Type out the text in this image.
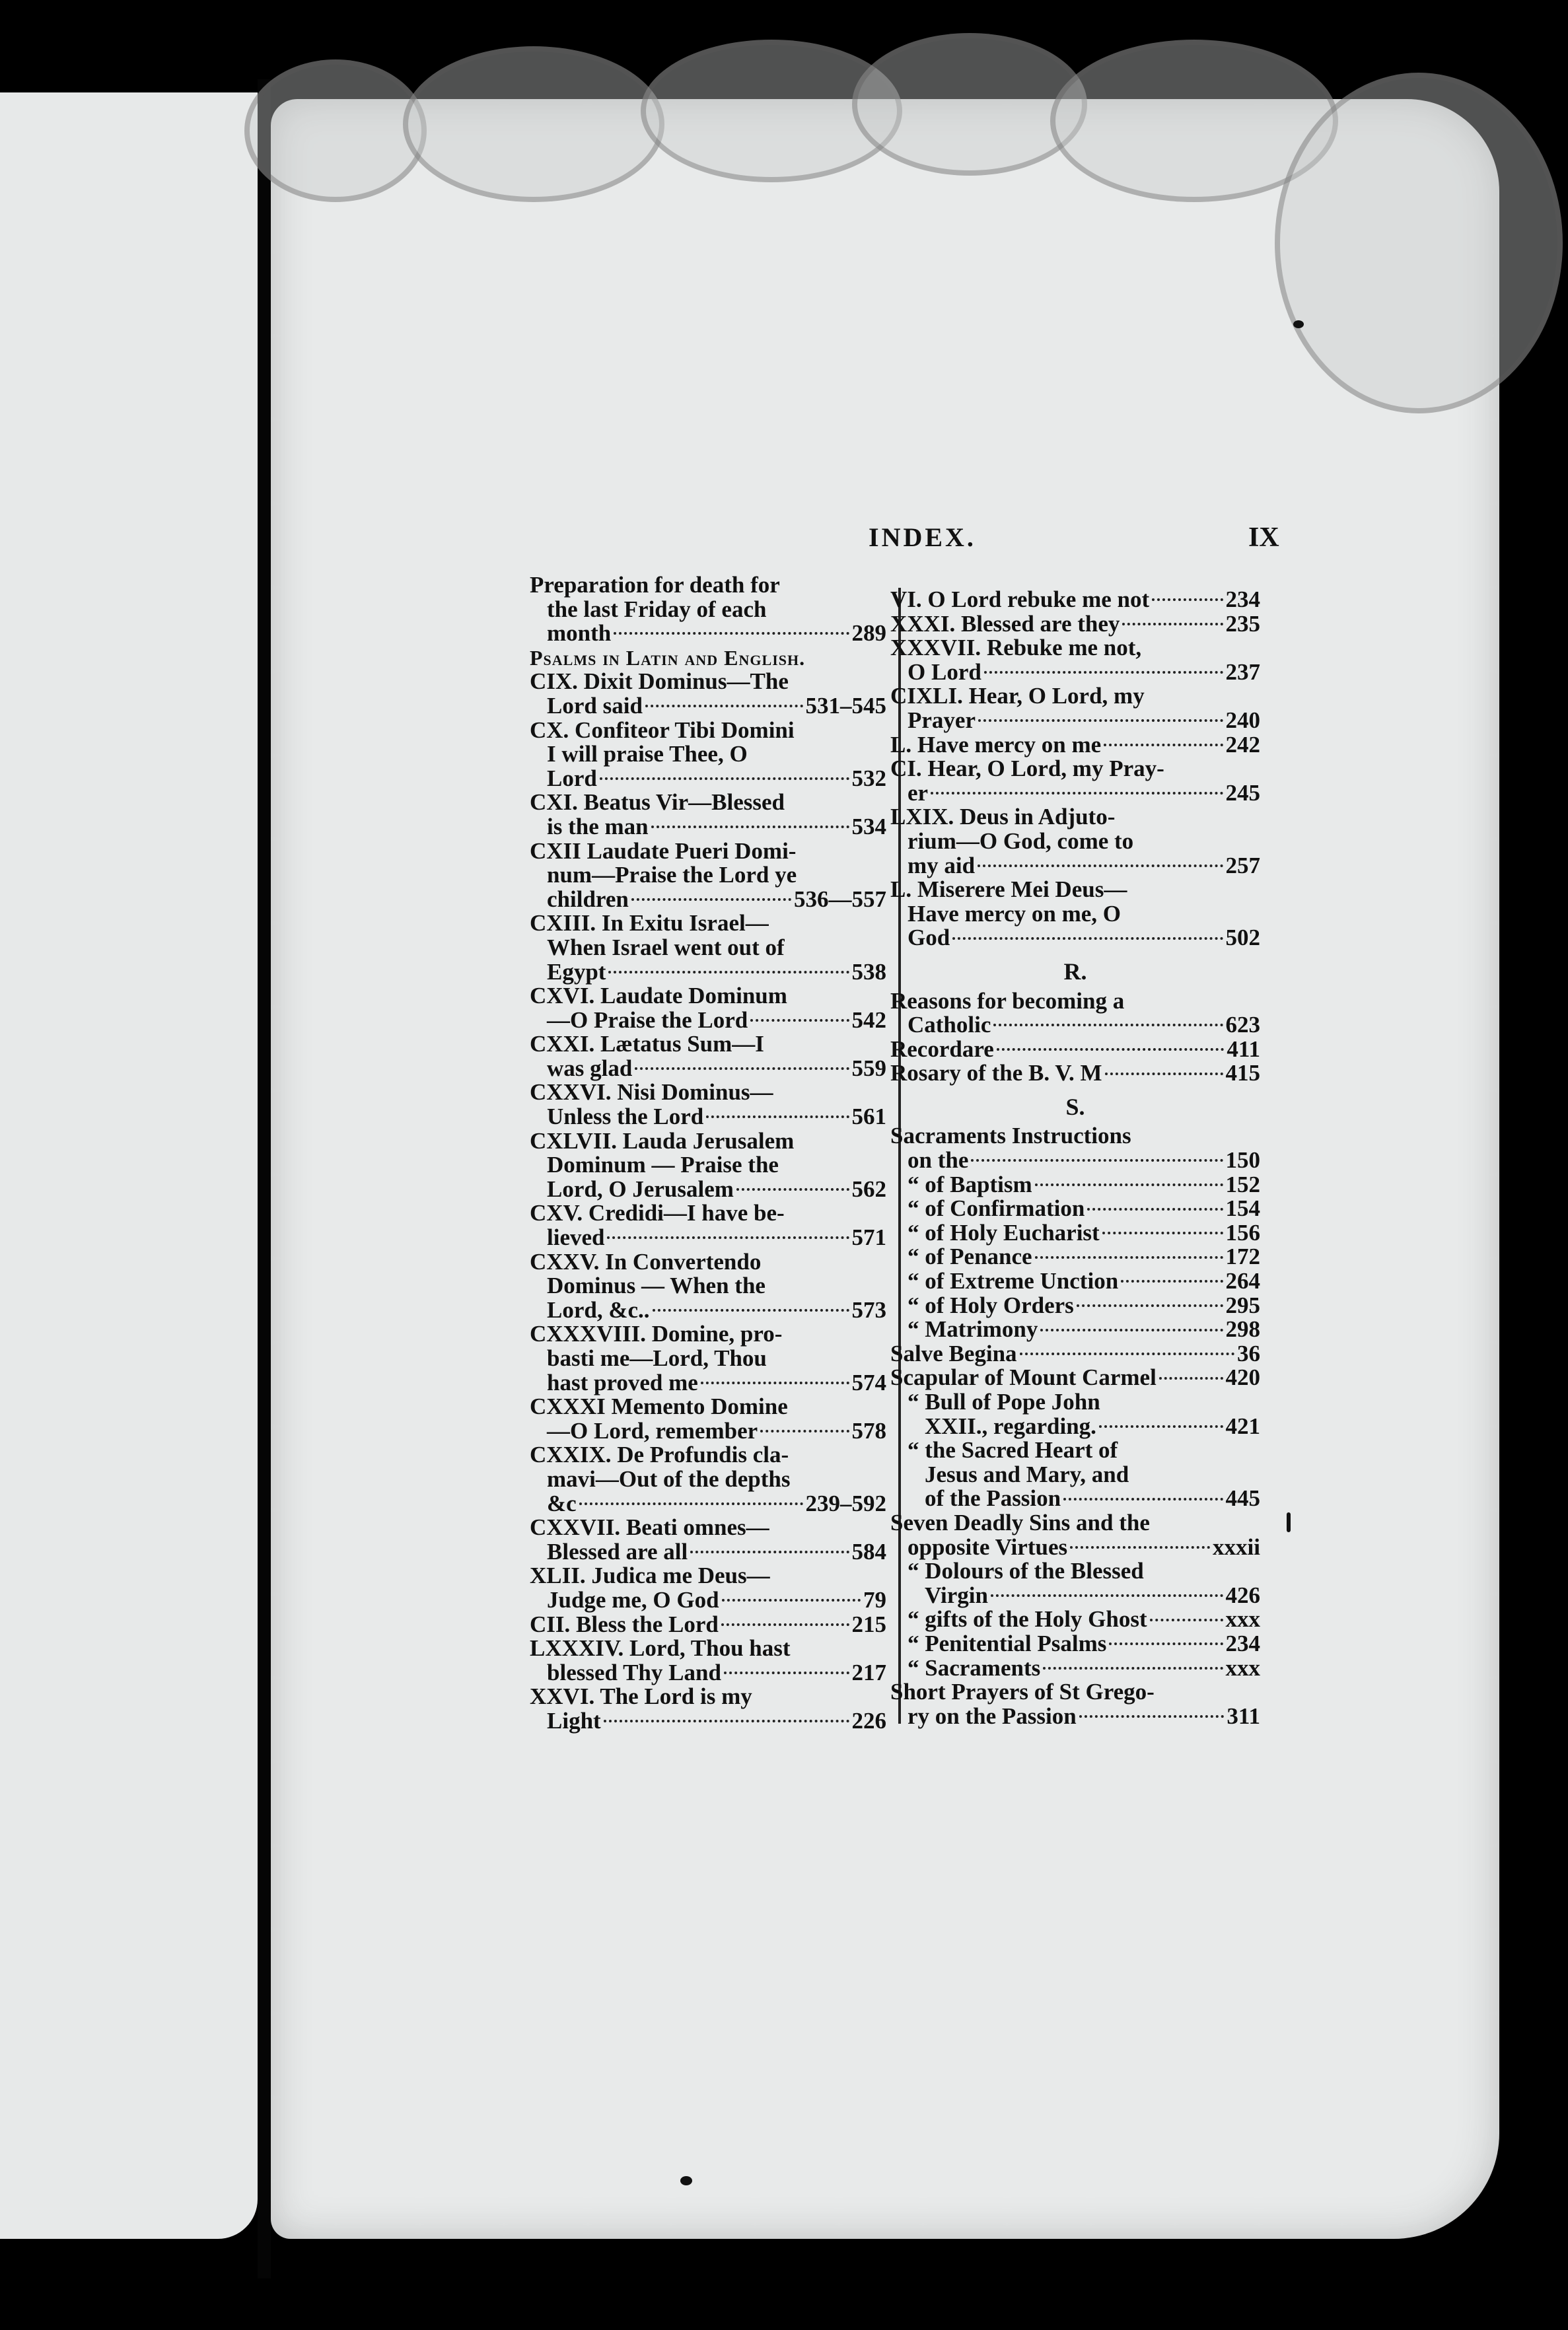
INDEX.	IX
Preparation for death for
the last Friday of each
month	289
Psalms in Latin and English.
CIX. Dixit Dominus—The
Lord said	531–545
CX. Confiteor Tibi Domini
I will praise Thee, O
Lord	532
CXI. Beatus Vir—Blessed
is the man	534
CXII Laudate Pueri Domi-
num—Praise the Lord ye
children	536—557
CXIII. In Exitu Israel—
When Israel went out of
Egypt	538
CXVI. Laudate Dominum
—O Praise the Lord	542
CXXI. Lætatus Sum—I
was glad	559
CXXVI. Nisi Dominus—
Unless the Lord	561
CXLVII. Lauda Jerusalem
Dominum — Praise the
Lord, O Jerusalem	562
CXV. Credidi—I have be-
lieved	571
CXXV. In Convertendo
Dominus — When the
Lord, &c..	573
CXXXVIII. Domine, pro-
basti me—Lord, Thou
hast proved me	574
CXXXI Memento Domine
—O Lord, remember	578
CXXIX. De Profundis cla-
mavi—Out of the depths
&c	239–592
CXXVII. Beati omnes—
Blessed are all	584
XLII. Judica me Deus—
Judge me, O God	79
CII. Bless the Lord	215
LXXXIV. Lord, Thou hast
blessed Thy Land	217
XXVI. The Lord is my
Light	226
VI. O Lord rebuke me not	234
XXXI. Blessed are they	235
XXXVII. Rebuke me not,
O Lord	237
CIXLI. Hear, O Lord, my
Prayer	240
L. Have mercy on me	242
CI. Hear, O Lord, my Pray-
er	245
LXIX. Deus in Adjuto-
rium—O God, come to
my aid	257
L. Miserere Mei Deus—
Have mercy on me, O
God	502
R.
Reasons for becoming a
Catholic	623
Recordare	411
Rosary of the B. V. M	415
S.
Sacraments Instructions
on the	150
“ of Baptism	152
“ of Confirmation	154
“ of Holy Eucharist	156
“ of Penance	172
“ of Extreme Unction	264
“ of Holy Orders	295
“ Matrimony	298
Salve Begina	36
Scapular of Mount Carmel	420
“ Bull of Pope John
XXII., regarding.	421
“ the Sacred Heart of
Jesus and Mary, and
of the Passion	445
Seven Deadly Sins and the
opposite Virtues	xxxii
“ Dolours of the Blessed
Virgin	426
“ gifts of the Holy Ghost	xxx
“ Penitential Psalms	234
“ Sacraments	xxx
Short Prayers of St Grego-
ry on the Passion	311
